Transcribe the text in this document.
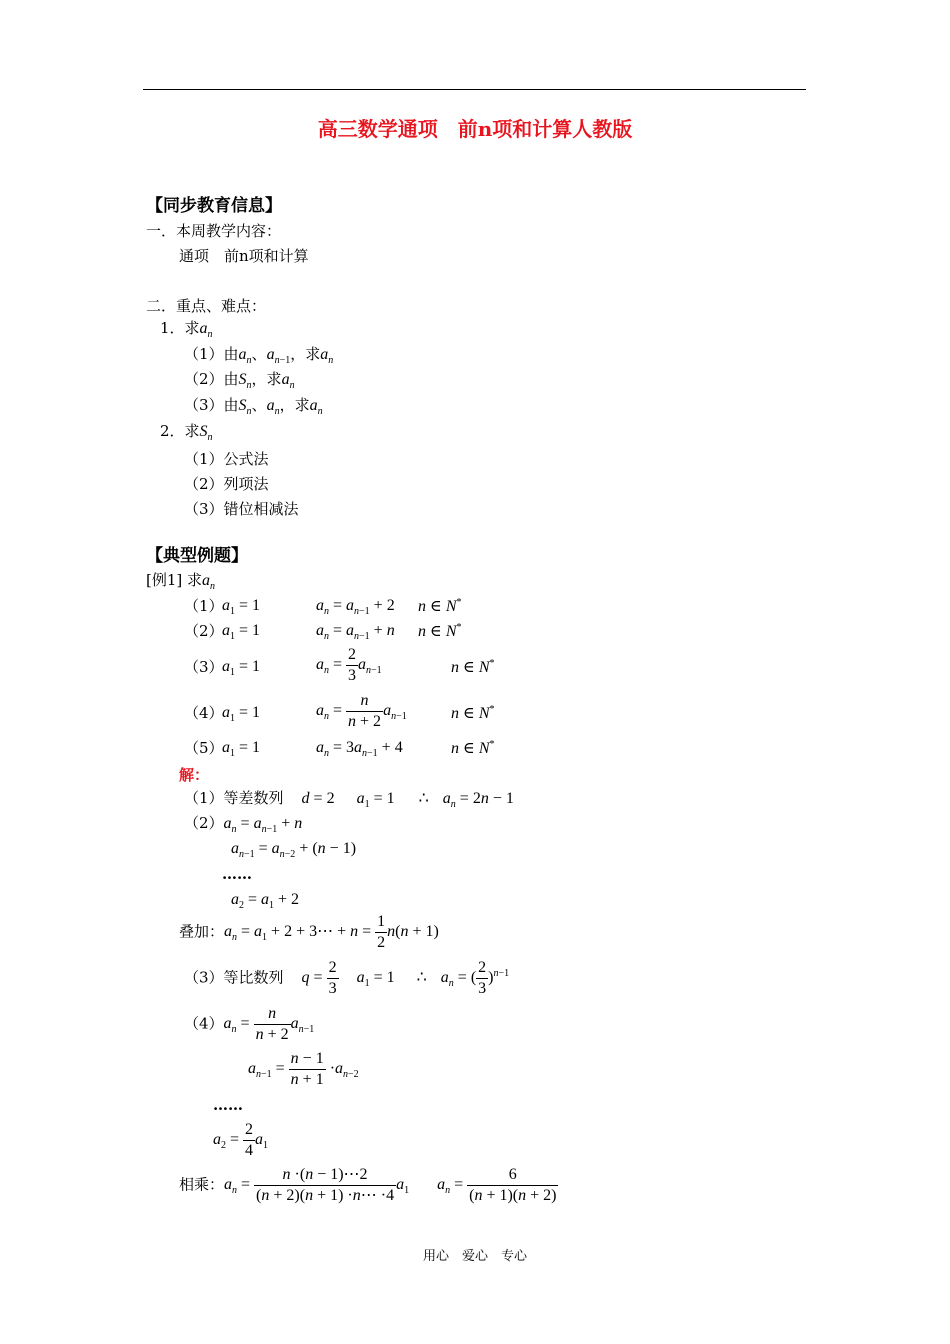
高三数学通项　前n项和计算人教版
【同步教育信息】
一．本周教学内容：
通项　前n项和计算
二．重点、难点：
1．求$a_n$
（1）由$a_n$、$a_{n-1}$，求$a_n$
（2）由$S_n$，求$a_n$
（3）由$S_n$、$a_n$，求$a_n$
2．求$S_n$
（1）公式法
（2）列项法
（3）错位相减法
【典型例题】
[例1] 求$a_n$
（1）
$a_1 = 1$	$a_n = a_{n-1} + 2$ n ∈ N*
（2）
$a_1 = 1$	$a_n = a_{n-1} + n$ n ∈ N*
（3）
$a_1 = 1$	$a_n = \frac{2}{3} a_{n-1}$	n ∈ N*
（4）
$a_1 = 1$	$a_n = \frac{n}{n + 2} a_{n-1}$	n ∈ N*
（5）
$a_1 = 1$	$a_n = 3a_{n-1} + 4$	n ∈ N*
解：
（1）等差数列 d = 2 $a_1 = 1$ ∴ $a_n = 2n - 1$
$(2)a_n = a_{n-1} + n$
$a_{n-1} = a_{n-2} + (n - 1)$
……
$a_2 = a_1 + 2$
叠加：$a_n = a_1 + 2$ + 3⋯ + $n = \frac{1}{2} n(n + 1)$
（3）等比数列 $q = \frac{2}{3} a_1 = 1$ ∴ $a_n$ = ( $\frac{2}{3} )^{n-1}$
$(4)a_n = \frac{n}{n + 2} a_{n-1}$
$a_{n-1} = \frac{n - 1}{n + 1} \cdot a_{n-2}$
……
$a_2 = \frac{2}{4} a_1$
相乘：$a_n = \frac{n \cdot(n - 1)\cdots 2}{(n + 2)(n + 1) \cdot n\cdots \cdot 4} a_1$ $a_n = \frac{6}{(n + 1)(n + 2)}$
用心　爱心　专心
